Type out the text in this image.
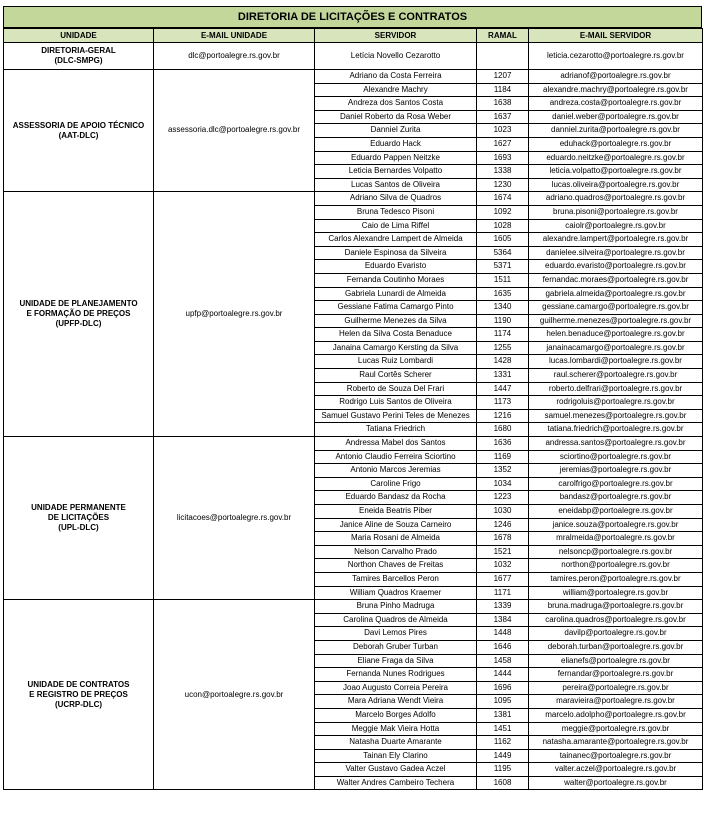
DIRETORIA DE LICITAÇÕES E CONTRATOS
UNIDADE	E-MAIL UNIDADE	SERVIDOR	RAMAL	E-MAIL SERVIDOR

DIRETORIA-GERAL
(DLC-SMPG)	dlc@portoalegre.rs.gov.br	Letícia Novello Cezarotto		leticia.cezarotto@portoalegre.rs.gov.br

ASSESSORIA DE APOIO TÉCNICO
(AAT-DLC)	assessoria.dlc@portoalegre.rs.gov.br	Adriano da Costa Ferreira	1207	adrianof@portoalegre.rs.gov.br
		Alexandre Machry	1184	alexandre.machry@portoalegre.rs.gov.br
		Andreza dos Santos Costa	1638	andreza.costa@portoalegre.rs.gov.br
		Daniel Roberto da Rosa Weber	1637	daniel.weber@portoalegre.rs.gov.br
		Danniel Zurita	1023	danniel.zurita@portoalegre.rs.gov.br
		Eduardo Hack	1627	eduhack@portoalegre.rs.gov.br
		Eduardo Pappen Neitzke	1693	eduardo.neitzke@portoalegre.rs.gov.br
		Leticia Bernardes Volpatto	1338	leticia.volpatto@portoalegre.rs.gov.br
		Lucas Santos de Oliveira	1230	lucas.oliveira@portoalegre.rs.gov.br

UNIDADE DE PLANEJAMENTO
E FORMAÇÃO DE PREÇOS
(UPFP-DLC)	upfp@portoalegre.rs.gov.br	Adriano Silva de Quadros	1674	adriano.quadros@portoalegre.rs.gov.br
		Bruna Tedesco Pisoni	1092	bruna.pisoni@portoalegre.rs.gov.br
		Caio de Lima Riffel	1028	caiolr@portoalegre.rs.gov.br
		Carlos Alexandre Lampert de Almeida	1605	alexandre.lampert@portoalegre.rs.gov.br
		Daniele Espinosa da Silveira	5364	danielee.silveira@portoalegre.rs.gov.br
		Eduardo Evaristo	5371	eduardo.evaristo@portoalegre.rs.gov.br
		Fernanda Coutinho Moraes	1511	fernandac.moraes@portoalegre.rs.gov.br
		Gabriela Lunardi de Almeida	1635	gabriela.almeida@portoalegre.rs.gov.br
		Gessiane Fatima Camargo Pinto	1340	gessiane.camargo@portoalegre.rs.gov.br
		Guilherme Menezes da Silva	1190	guilherme.menezes@portoalegre.rs.gov.br
		Helen da Silva Costa Benaduce	1174	helen.benaduce@portoalegre.rs.gov.br
		Janaina Camargo Kersting da Silva	1255	janainacamargo@portoalegre.rs.gov.br
		Lucas Ruiz Lombardi	1428	lucas.lombardi@portoalegre.rs.gov.br
		Raul Cortês Scherer	1331	raul.scherer@portoalegre.rs.gov.br
		Roberto de Souza Del Frari	1447	roberto.delfrari@portoalegre.rs.gov.br
		Rodrigo Luis Santos de Oliveira	1173	rodrigoluis@portoalegre.rs.gov.br
		Samuel Gustavo Perini Teles de Menezes	1216	samuel.menezes@portoalegre.rs.gov.br
		Tatiana Friedrich	1680	tatiana.friedrich@portoalegre.rs.gov.br

UNIDADE PERMANENTE
DE LICITAÇÕES
(UPL-DLC)	licitacoes@portoalegre.rs.gov.br	Andressa Mabel dos Santos	1636	andressa.santos@portoalegre.rs.gov.br
		Antonio Claudio Ferreira Sciortino	1169	sciortino@portoalegre.rs.gov.br
		Antonio Marcos Jeremias	1352	jeremias@portoalegre.rs.gov.br
		Caroline Frigo	1034	carolfrigo@portoalegre.rs.gov.br
		Eduardo Bandasz da Rocha	1223	bandasz@portoalegre.rs.gov.br
		Eneida Beatris Piber	1030	eneidabp@portoalegre.rs.gov.br
		Janice Aline de Souza Carneiro	1246	janice.souza@portoalegre.rs.gov.br
		Maria Rosani de Almeida	1678	mralmeida@portoalegre.rs.gov.br
		Nelson Carvalho Prado	1521	nelsoncp@portoalegre.rs.gov.br
		Northon Chaves de Freitas	1032	northon@portoalegre.rs.gov.br
		Tamires Barcellos Peron	1677	tamires.peron@portoalegre.rs.gov.br
		William Quadros Kraemer	1171	william@portoalegre.rs.gov.br

UNIDADE DE CONTRATOS
E REGISTRO DE PREÇOS
(UCRP-DLC)	ucon@portoalegre.rs.gov.br	Bruna Pinho Madruga	1339	bruna.madruga@portoalegre.rs.gov.br
		Carolina Quadros de Almeida	1384	carolina.quadros@portoalegre.rs.gov.br
		Davi Lemos Pires	1448	davilp@portoalegre.rs.gov.br
		Deborah Gruber Turban	1646	deborah.turban@portoalegre.rs.gov.br
		Eliane Fraga da Silva	1458	elianefs@portoalegre.rs.gov.br
		Fernanda Nunes Rodrigues	1444	fernandar@portoalegre.rs.gov.br
		Joao Augusto Correia Pereira	1696	pereira@portoalegre.rs.gov.br
		Mara Adriana Wendt Vieira	1095	maravieira@portoalegre.rs.gov.br
		Marcelo Borges Adolfo	1381	marcelo.adolpho@portoalegre.rs.gov.br
		Meggie Mak Vieira Hotta	1451	meggie@portoalegre.rs.gov.br
		Natasha Duarte Amarante	1162	natasha.amarante@portoalegre.rs.gov.br
		Tainan Ely Clarino	1449	tainanec@portoalegre.rs.gov.br
		Valter Gustavo Gadea Aczel	1195	valter.aczel@portoalegre.rs.gov.br
		Walter Andres Cambeiro Techera	1608	walter@portoalegre.rs.gov.br
